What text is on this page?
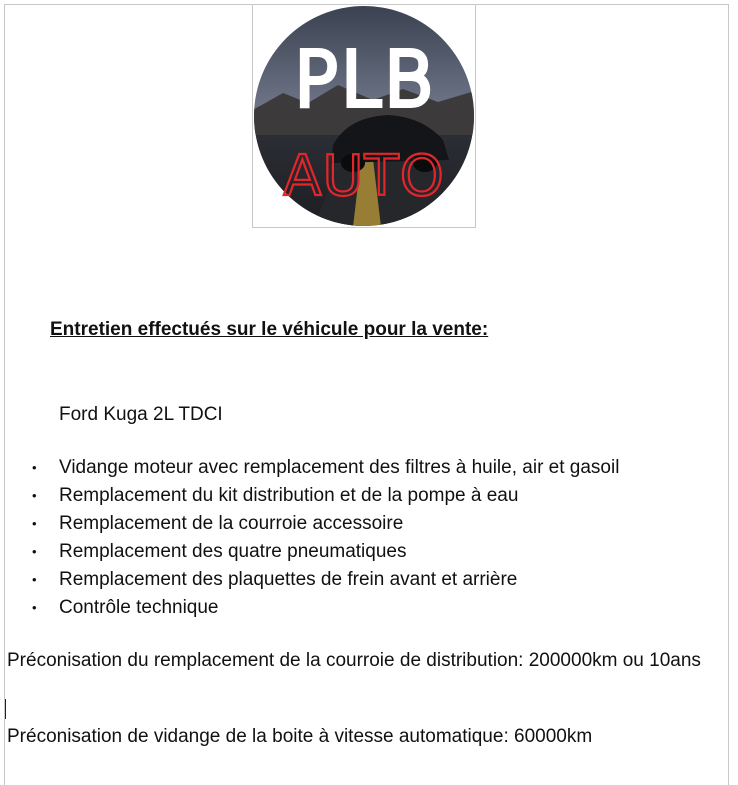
PLB
AUTO
Entretien effectués sur le véhicule pour la vente:

Ford Kuga 2L TDCI

• Vidange moteur avec remplacement des filtres à huile, air et gasoil
• Remplacement du kit distribution et de la pompe à eau
• Remplacement de la courroie accessoire
• Remplacement des quatre pneumatiques
• Remplacement des plaquettes de frein avant et arrière
• Contrôle technique

Préconisation du remplacement de la courroie de distribution: 200000km ou 10ans

Préconisation de vidange de la boite à vitesse automatique: 60000km
